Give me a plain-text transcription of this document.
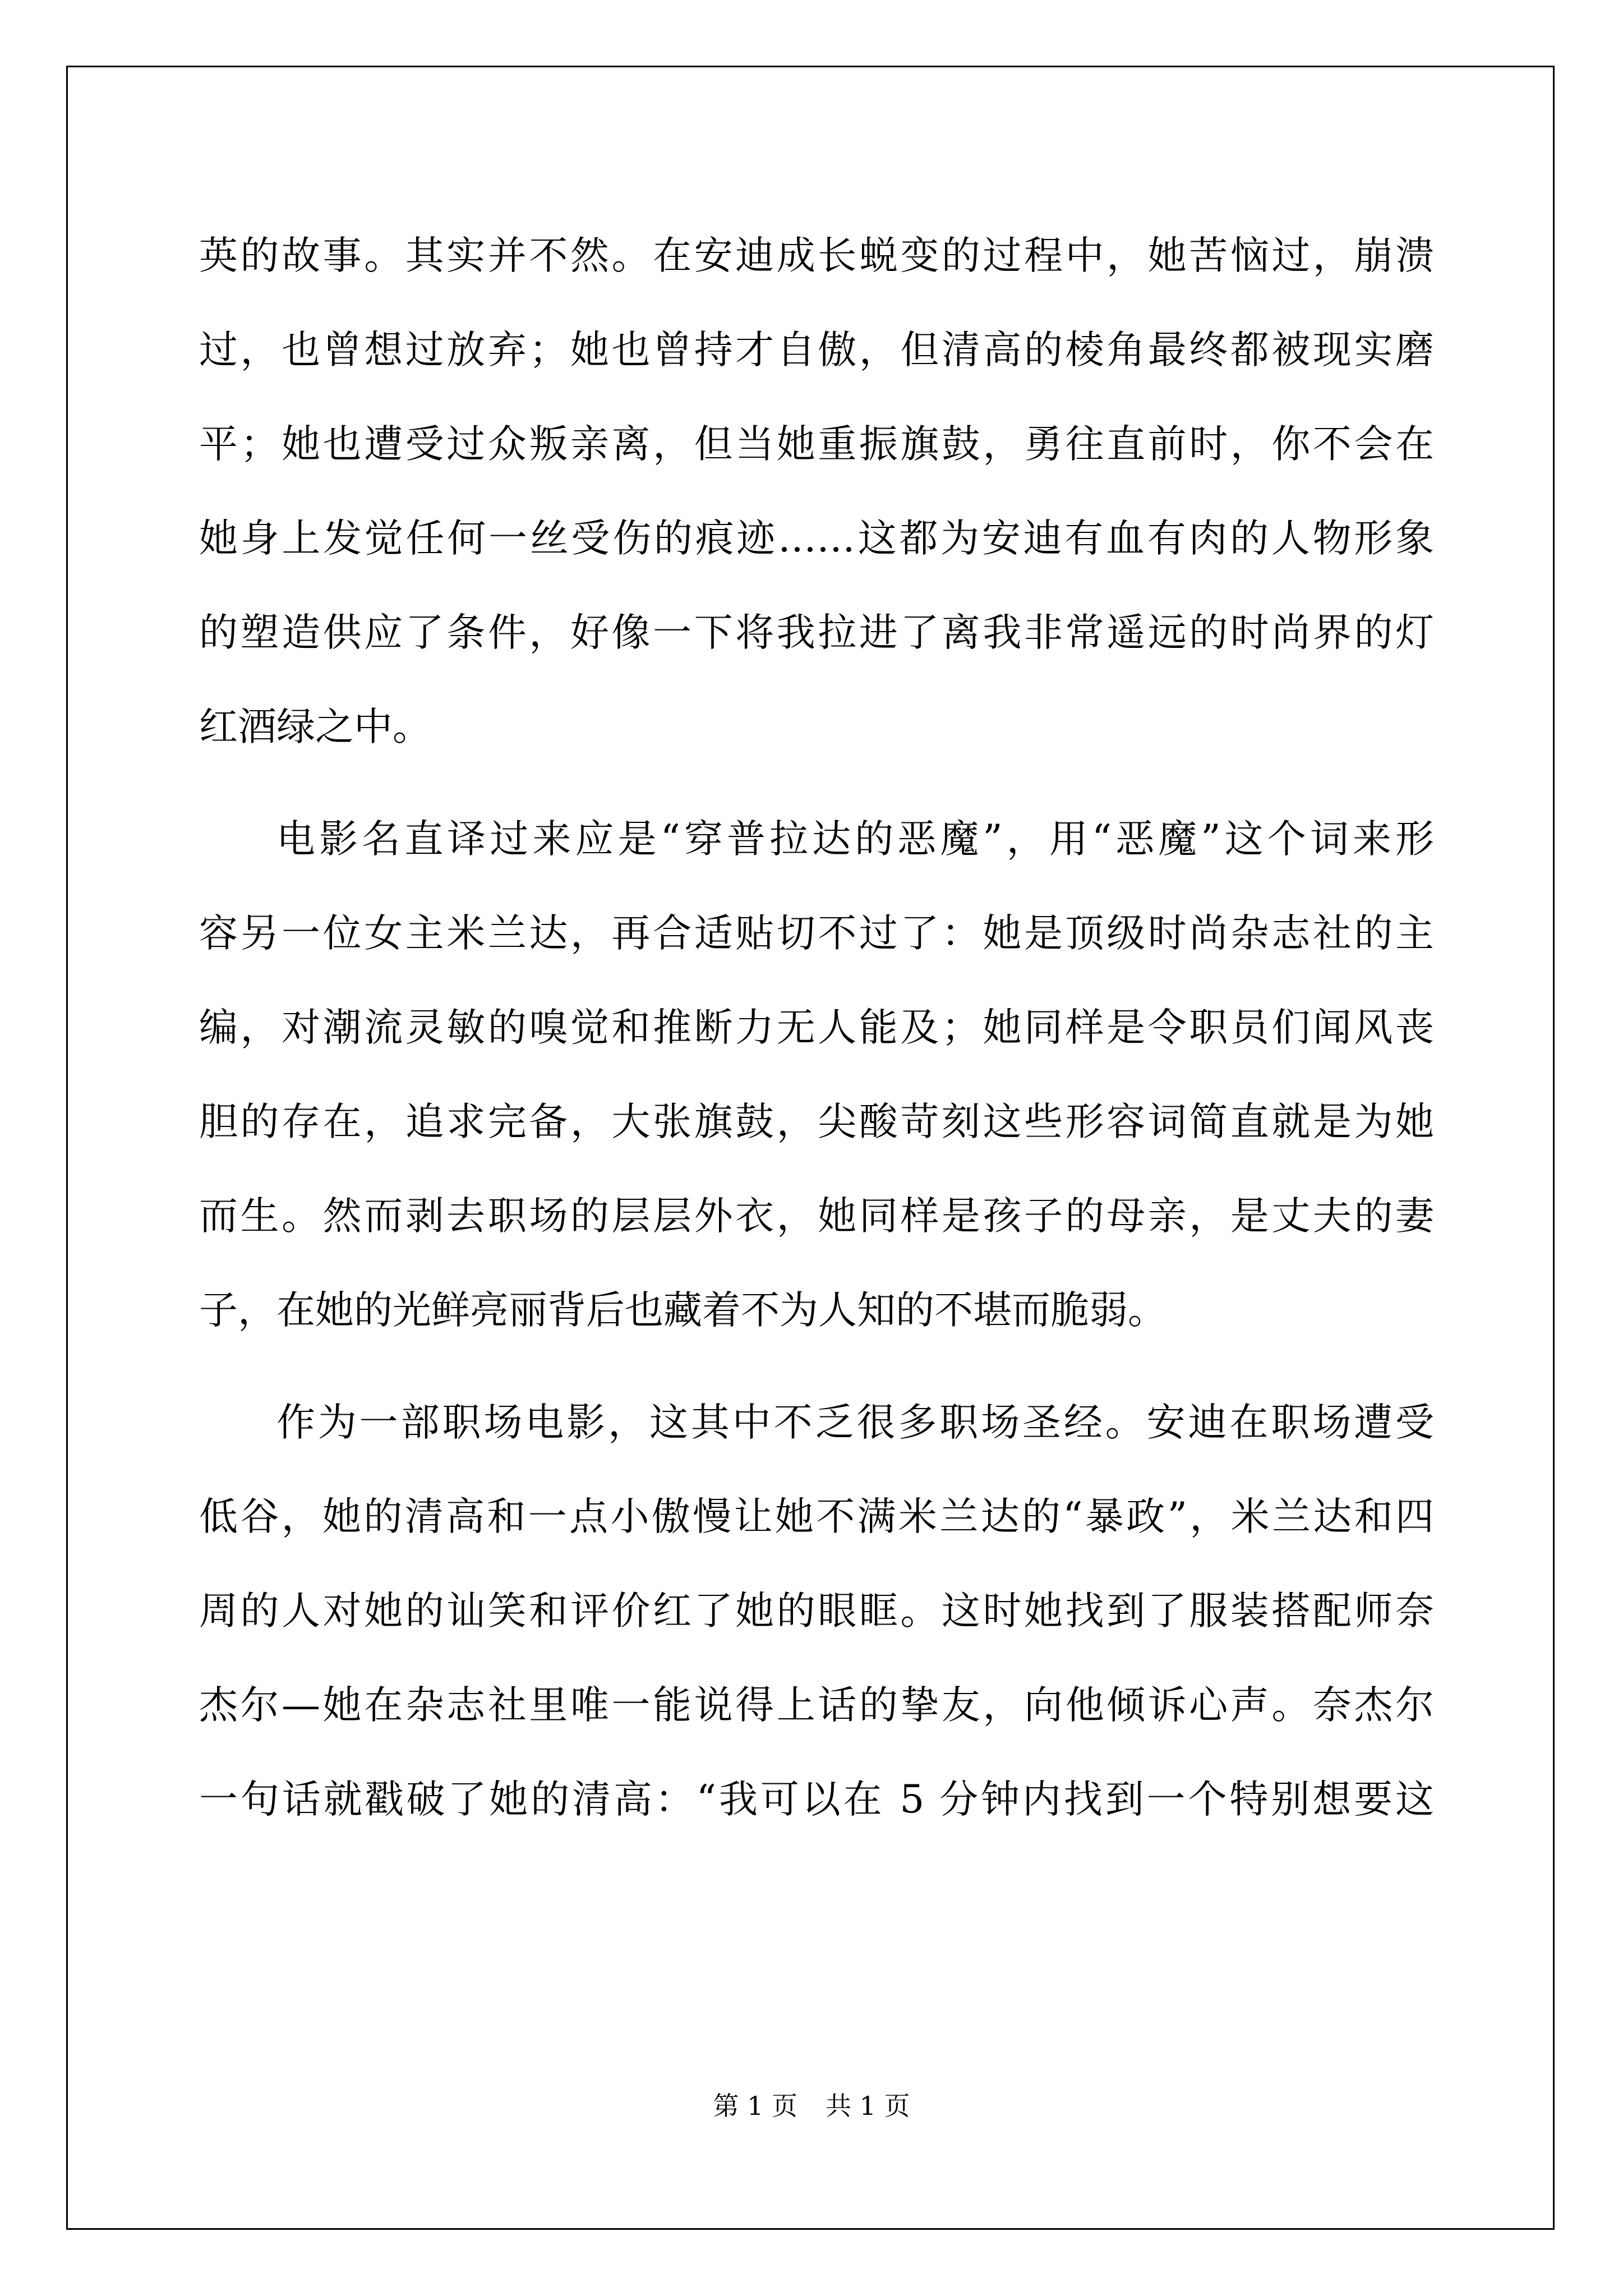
英的故事。其实并不然。在安迪成长蜕变的过程中，她苦恼过，崩溃
过，也曾想过放弃；她也曾持才自傲，但清高的棱角最终都被现实磨
平；她也遭受过众叛亲离，但当她重振旗鼓，勇往直前时，你不会在
她身上发觉任何一丝受伤的痕迹……这都为安迪有血有肉的人物形象
的塑造供应了条件，好像一下将我拉进了离我非常遥远的时尚界的灯
红酒绿之中。
电影名直译过来应是“穿普拉达的恶魔”，用“恶魔”这个词来形
容另一位女主米兰达，再合适贴切不过了：她是顶级时尚杂志社的主
编，对潮流灵敏的嗅觉和推断力无人能及；她同样是令职员们闻风丧
胆的存在，追求完备，大张旗鼓，尖酸苛刻这些形容词简直就是为她
而生。然而剥去职场的层层外衣，她同样是孩子的母亲，是丈夫的妻
子，在她的光鲜亮丽背后也藏着不为人知的不堪而脆弱。
作为一部职场电影，这其中不乏很多职场圣经。安迪在职场遭受
低谷，她的清高和一点小傲慢让她不满米兰达的“暴政”，米兰达和四
周的人对她的讪笑和评价红了她的眼眶。这时她找到了服装搭配师奈
杰尔—她在杂志社里唯一能说得上话的挚友，向他倾诉心声。奈杰尔
一句话就戳破了她的清高：“我可以在 5 分钟内找到一个特别想要这
第 1 页 共 1 页
